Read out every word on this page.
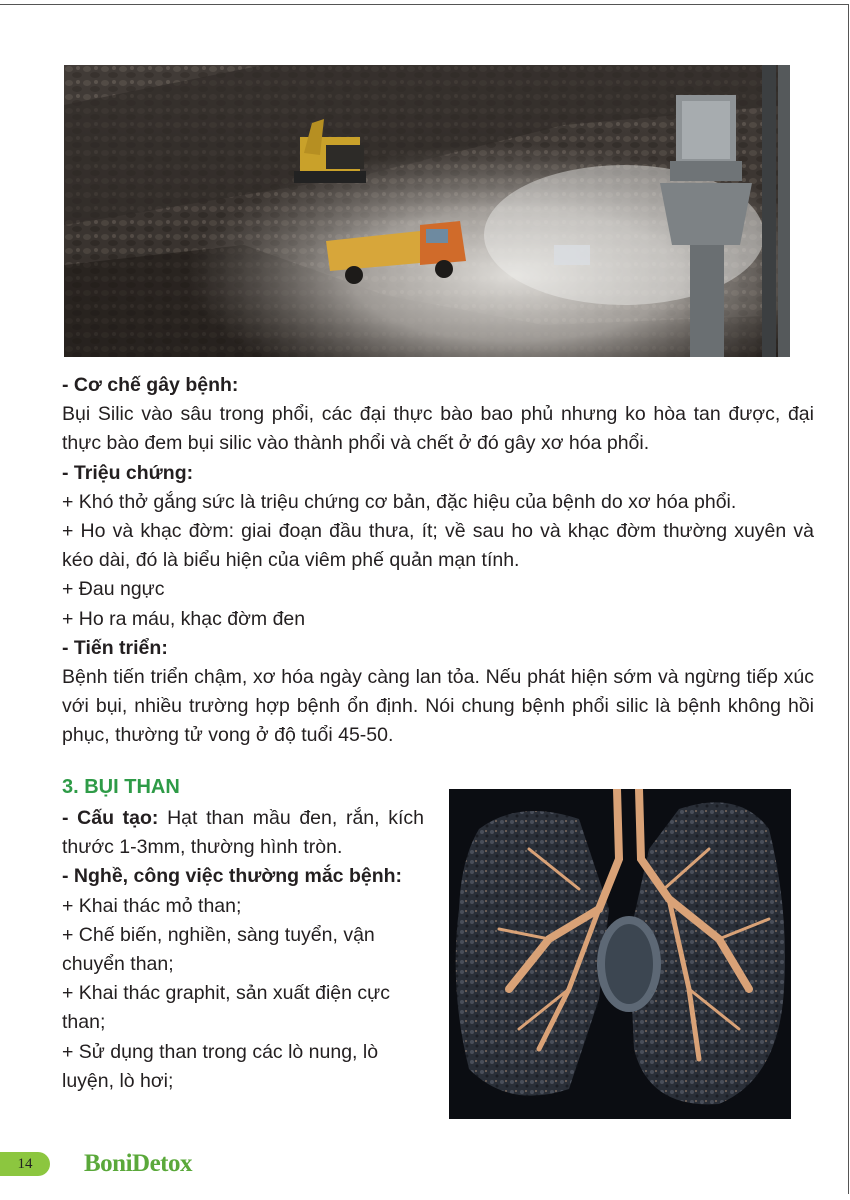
- Cơ chế gây bệnh:

Bụi Silic vào sâu trong phổi, các đại thực bào bao phủ nhưng ko hòa tan được, đại thực bào đem bụi silic vào thành phổi và chết ở đó gây xơ hóa phổi.

- Triệu chứng:

+ Khó thở gắng sức là triệu chứng cơ bản, đặc hiệu của bệnh do xơ hóa phổi.

+ Ho và khạc đờm: giai đoạn đầu thưa, ít; về sau ho và khạc đờm thường xuyên và kéo dài, đó là biểu hiện của viêm phế quản mạn tính.

+ Đau ngực

+ Ho ra máu, khạc đờm đen

- Tiến triển:

Bệnh tiến triển chậm, xơ hóa ngày càng lan tỏa. Nếu phát hiện sớm và ngừng tiếp xúc với bụi, nhiều trường hợp bệnh ổn định. Nói chung bệnh phổi silic là bệnh không hồi phục, thường tử vong ở độ tuổi 45-50.

3. BỤI THAN

- Cấu tạo: Hạt than mầu đen, rắn, kích thước 1-3mm, thường hình tròn.

- Nghề, công việc thường mắc bệnh:

+ Khai thác mỏ than;

+ Chế biến, nghiền, sàng tuyển, vận chuyển than;

+ Khai thác graphit, sản xuất điện cực than;

+ Sử dụng than trong các lò nung, lò luyện, lò hơi;

14	BoniDetox
